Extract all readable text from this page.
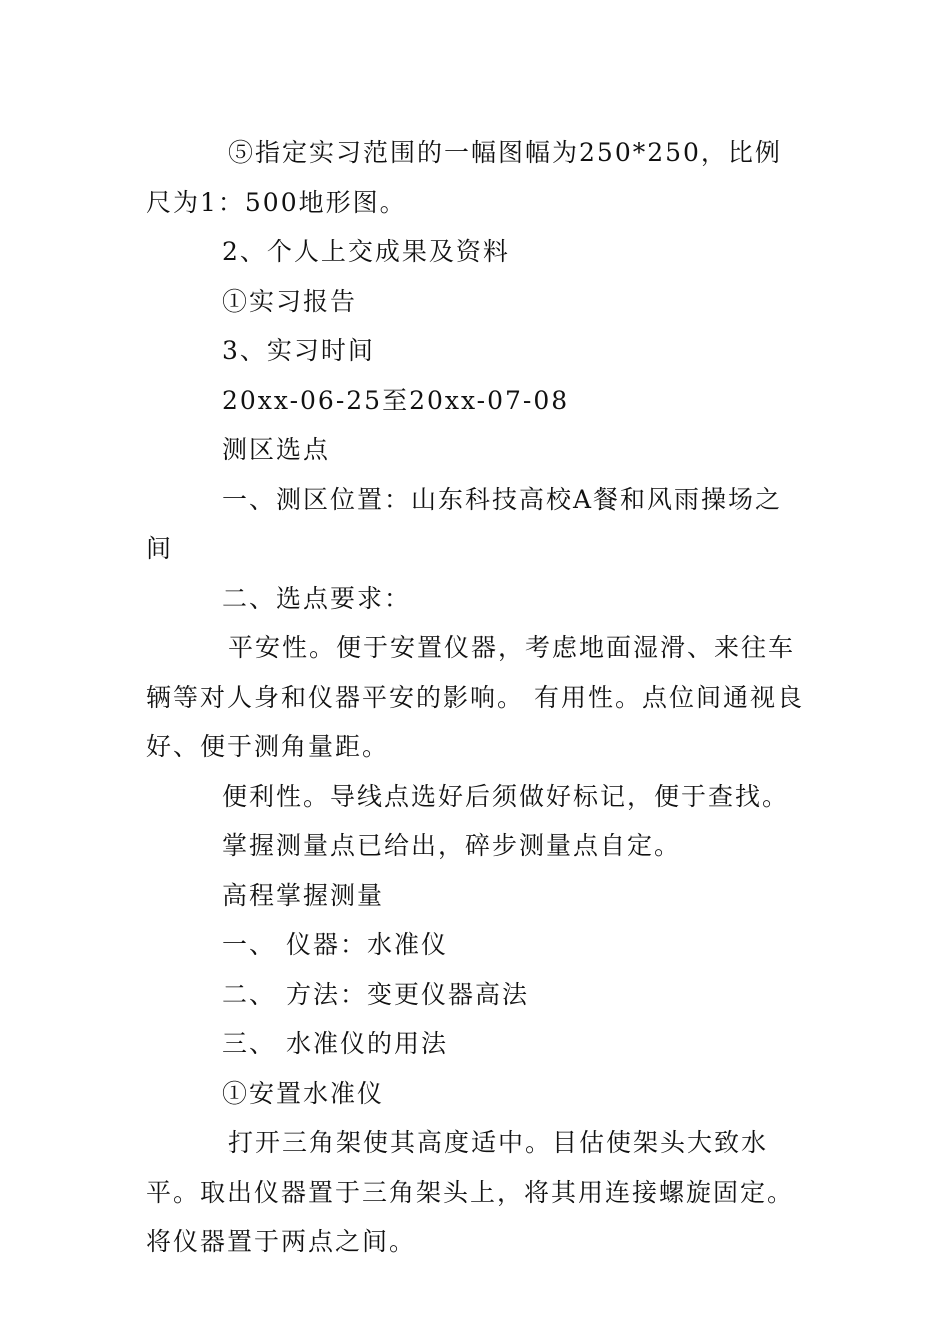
⑤指定实习范围的一幅图幅为250*250，比例尺为1：500地形图。

2、个人上交成果及资料

①实习报告

3、实习时间

20xx-06-25至20xx-07-08

测区选点

一、测区位置：山东科技高校A餐和风雨操场之间

二、选点要求：

平安性。便于安置仪器，考虑地面湿滑、来往车辆等对人身和仪器平安的影响。 有用性。点位间通视良好、便于测角量距。

便利性。导线点选好后须做好标记，便于查找。

掌握测量点已给出，碎步测量点自定。

高程掌握测量

一、 仪器：水准仪

二、 方法：变更仪器高法

三、 水准仪的用法

①安置水准仪

打开三角架使其高度适中。目估使架头大致水平。取出仪器置于三角架头上，将其用连接螺旋固定。将仪器置于两点之间。
